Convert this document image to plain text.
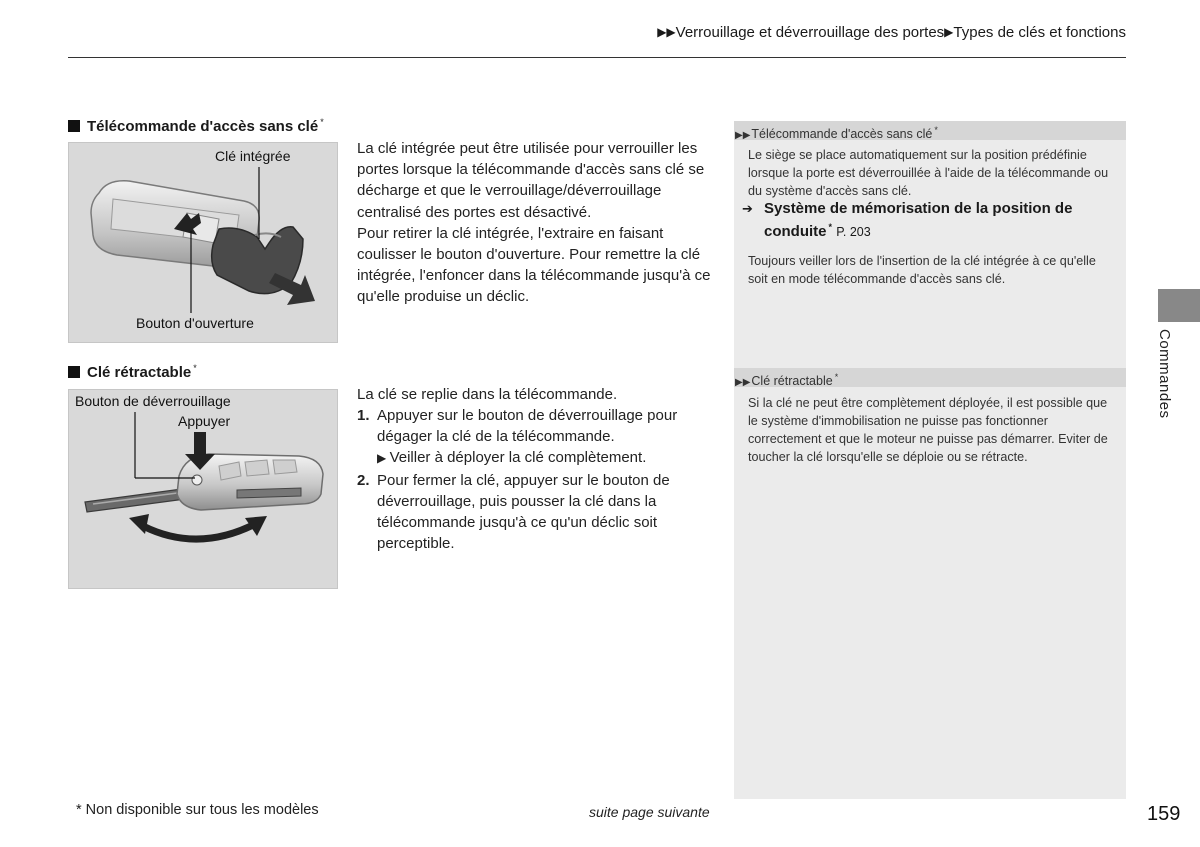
▶▶Verrouillage et déverrouillage des portes▶Types de clés et fonctions
Télécommande d'accès sans clé *
Clé intégrée
Bouton d'ouverture

La clé intégrée peut être utilisée pour verrouiller les portes lorsque la télécommande d'accès sans clé se décharge et que le verrouillage/déverrouillage centralisé des portes est désactivé.

Pour retirer la clé intégrée, l'extraire en faisant coulisser le bouton d'ouverture. Pour remettre la clé intégrée, l'enfoncer dans la télécommande jusqu'à ce qu'elle produise un déclic.

Clé rétractable *
Bouton de déverrouillage
Appuyer

La clé se replie dans la télécommande.

1. Appuyer sur le bouton de déverrouillage pour dégager la clé de la télécommande.
▶ Veiller à déployer la clé complètement.
2. Pour fermer la clé, appuyer sur le bouton de déverrouillage, puis pousser la clé dans la télécommande jusqu'à ce qu'un déclic soit perceptible.
▶▶Télécommande d'accès sans clé *
Le siège se place automatiquement sur la position prédéfinie lorsque la porte est déverrouillée à l'aide de la télécommande ou du système d'accès sans clé.
➔ Système de mémorisation de la position de conduite * P. 203
Toujours veiller lors de l'insertion de la clé intégrée à ce qu'elle soit en mode télécommande d'accès sans clé.
▶▶Clé rétractable *
Si la clé ne peut être complètement déployée, il est possible que le système d'immobilisation ne puisse pas fonctionner correctement et que le moteur ne puisse pas démarrer. Eviter de toucher la clé lorsqu'elle se déploie ou se rétracte.
Commandes
* Non disponible sur tous les modèles	suite page suivante	159
